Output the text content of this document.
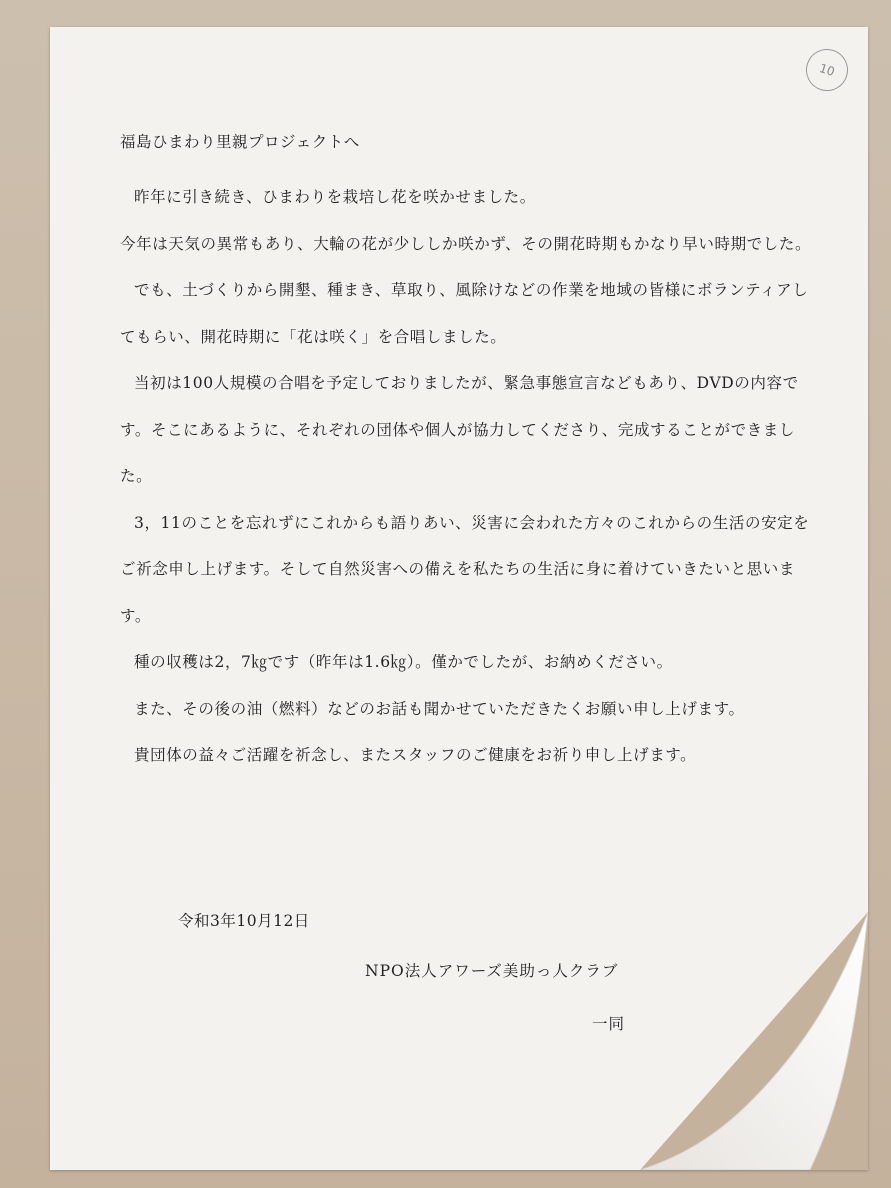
10
福島ひまわり里親プロジェクトへ

昨年に引き続き、ひまわりを栽培し花を咲かせました。

今年は天気の異常もあり、大輪の花が少ししか咲かず、その開花時期もかなり早い時期でした。

でも、土づくりから開墾、種まき、草取り、風除けなどの作業を地域の皆様にボランティアしてもらい、開花時期に「花は咲く」を合唱しました。

当初は100人規模の合唱を予定しておりましたが、緊急事態宣言などもあり、DVDの内容です。そこにあるように、それぞれの団体や個人が協力してくださり、完成することができました。

3，11のことを忘れずにこれからも語りあい、災害に会われた方々のこれからの生活の安定をご祈念申し上げます。そして自然災害への備えを私たちの生活に身に着けていきたいと思います。

種の収穫は2，7㎏です（昨年は1.6㎏）。僅かでしたが、お納めください。

また、その後の油（燃料）などのお話も聞かせていただきたくお願い申し上げます。

貴団体の益々ご活躍を祈念し、またスタッフのご健康をお祈り申し上げます。

令和3年10月12日
NPO法人アワーズ美助っ人クラブ
一同
